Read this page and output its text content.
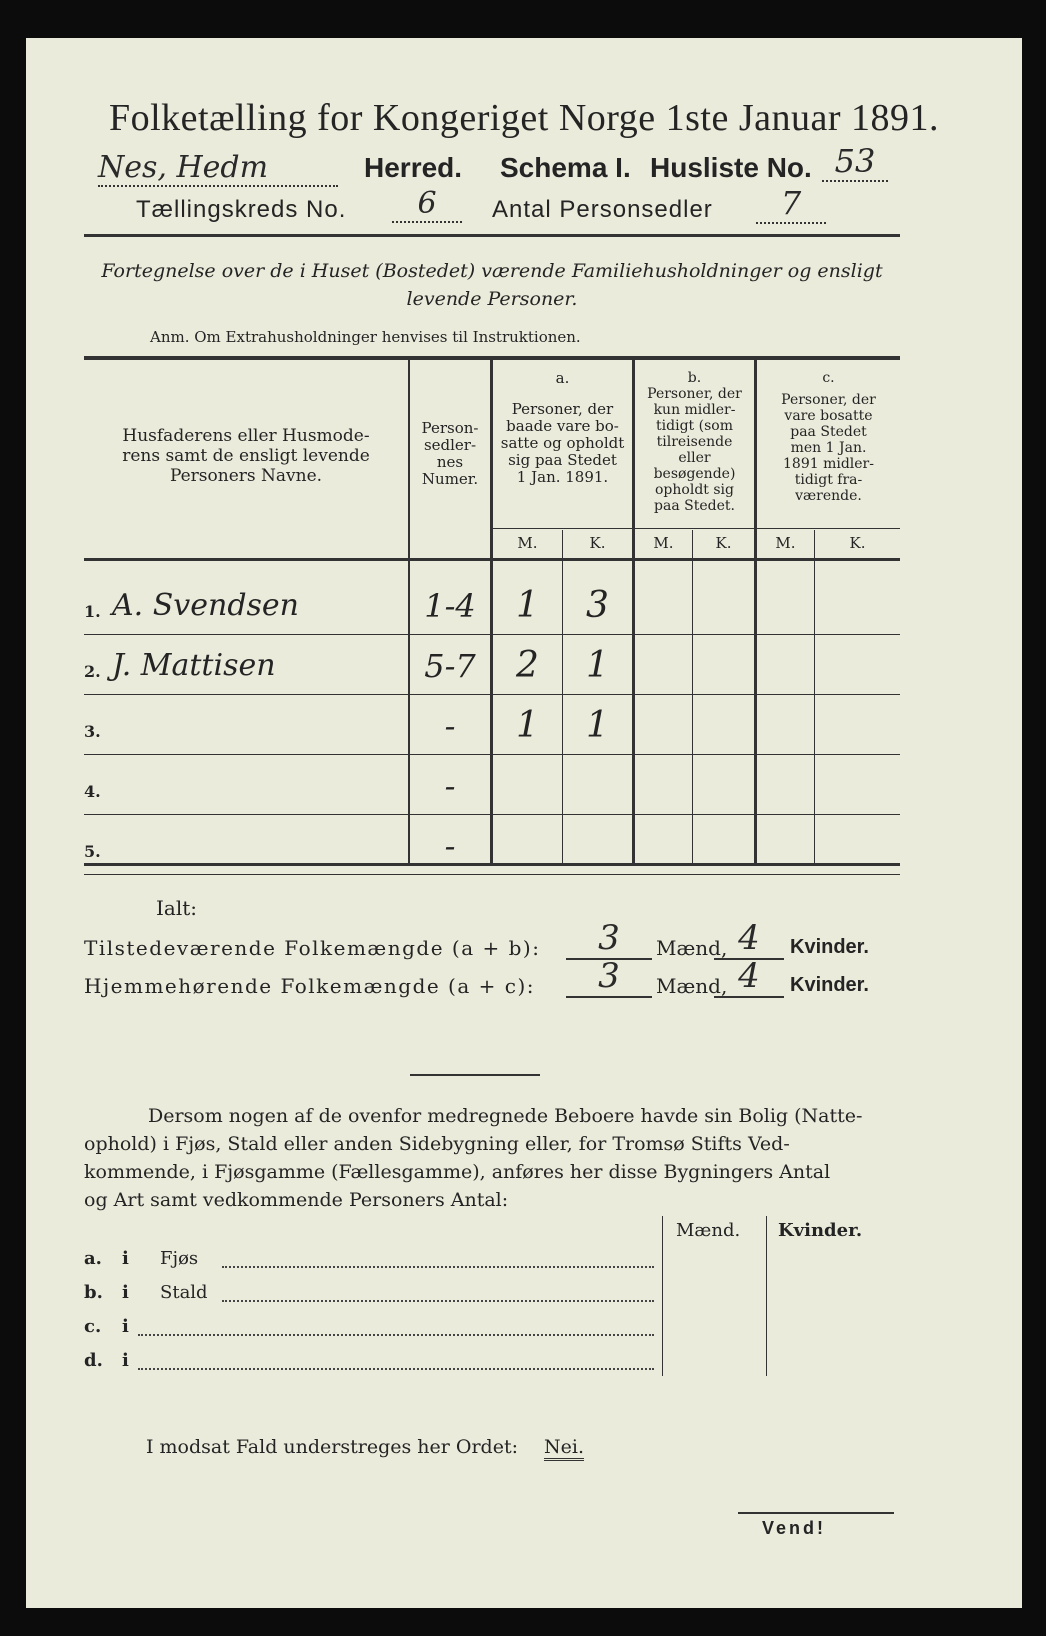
Folketælling for Kongeriget Norge 1ste Januar 1891.
Nes, Hedm	Herred. Schema I. Husliste No. 53
Tællingskreds No.	6	Antal Personsedler	7
Fortegnelse over de i Huset (Bostedet) værende Familiehusholdninger og ensligt
levende Personer.
Anm. Om Extrahusholdninger henvises til Instruktionen.
Husfaderens eller Husmode-
rens samt de ensligt levende
Personers Navne.
Person-
sedler-
nes
Numer.
a.
Personer, der
baade vare bo-
satte og opholdt
sig paa Stedet
1 Jan. 1891.
b.
Personer, der
kun midler-
tidigt (som
tilreisende
eller
besøgende)
opholdt sig
paa Stedet.
c.
Personer, der
vare bosatte
paa Stedet
men 1 Jan.
1891 midler-
tidigt fra-
værende.
M.	K.	M.	K.	M.	K.
1. A. Svendsen	1-4	1	3
2. J. Mattisen	5-7	2	1
3.	-	1	1
4.	-
5.	-
Ialt:
Tilstedeværende Folkemængde (a + b):	3	Mænd, 4	Kvinder.
Hjemmehørende Folkemængde (a + c):	3	Mænd, 4	Kvinder.
Dersom nogen af de ovenfor medregnede Beboere havde sin Bolig (Natte-
ophold) i Fjøs, Stald eller anden Sidebygning eller, for Tromsø Stifts Ved-
kommende, i Fjøsgamme (Fællesgamme), anføres her disse Bygningers Antal
og Art samt vedkommende Personers Antal:
Mænd. Kvinder.
a. i Fjøs
b. i Stald
c. i
d. i
I modsat Fald understreges her Ordet: Nei.
Vend!
